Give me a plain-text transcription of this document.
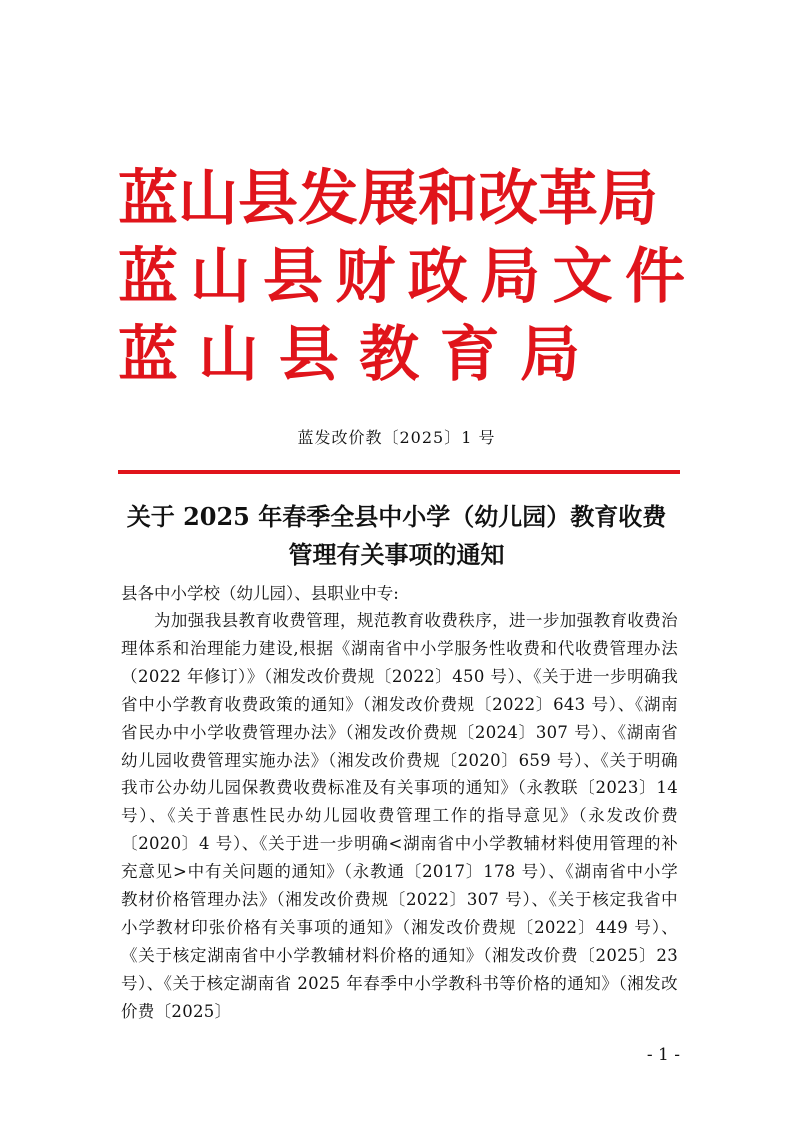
蓝 山 县 发 展 和 改 革 局
蓝 山 县 财 政 局 文 件
蓝 山 县 教 育 局
蓝发改价教〔2025〕1 号
关于 2025 年春季全县中小学（幼儿园）教育收费
管理有关事项的通知
县各中小学校（幼儿园）、县职业中专:
为加强我县教育收费管理，规范教育收费秩序，进一步加强教育收费治理体系和治理能力建设,根据《湖南省中小学服务性收费和代收费管理办法（2022 年修订）》（湘发改价费规〔2022〕450 号）、《关于进一步明确我省中小学教育收费政策的通知》（湘发改价费规〔2022〕643 号）、《湖南省民办中小学收费管理办法》（湘发改价费规〔2024〕307 号）、《湖南省幼儿园收费管理实施办法》（湘发改价费规〔2020〕659 号）、《关于明确我市公办幼儿园保教费收费标准及有关事项的通知》（永教联〔2023〕14 号）、《关于普惠性民办幼儿园收费管理工作的指导意见》（永发改价费〔2020〕4 号）、《关于进一步明确<湖南省中小学教辅材料使用管理的补充意见>中有关问题的通知》（永教通〔2017〕178 号）、《湖南省中小学教材价格管理办法》（湘发改价费规〔2022〕307 号）、《关于核定我省中小学教材印张价格有关事项的通知》（湘发改价费规〔2022〕449 号）、《关于核定湖南省中小学教辅材料价格的通知》（湘发改价费〔2025〕23 号）、《关于核定湖南省 2025 年春季中小学教科书等价格的通知》（湘发改价费〔2025〕
- 1 -
